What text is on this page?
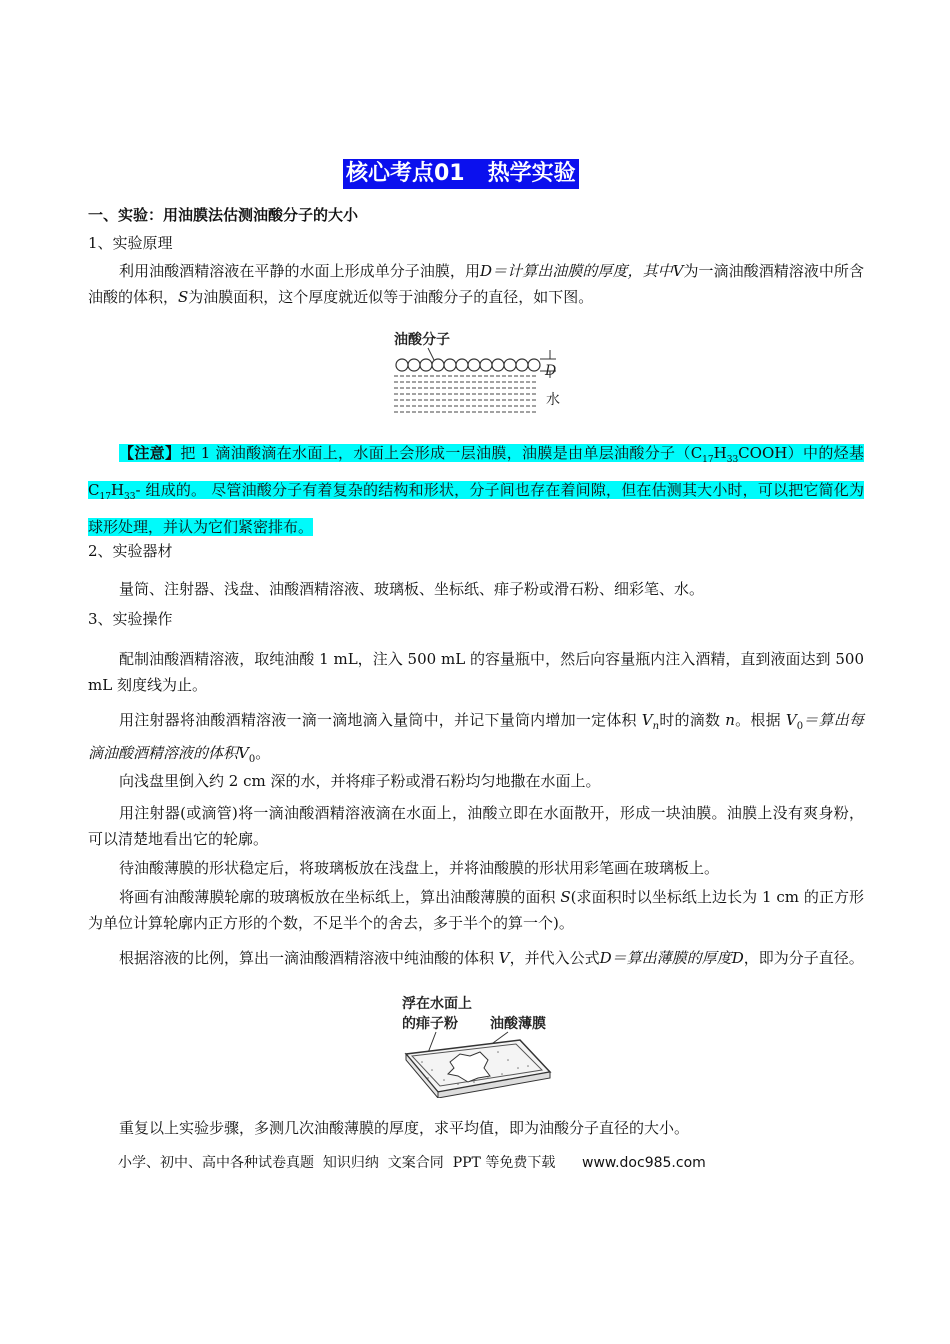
核心考点01   热学实验
一、实验：用油膜法估测油酸分子的大小
1、实验原理
利用油酸酒精溶液在平静的水面上形成单分子油膜，用D＝计算出油膜的厚度，其中V为一滴油酸酒精溶液中所含油酸的体积，S为油膜面积，这个厚度就近似等于油酸分子的直径，如下图。
油酸分子
D
水
【注意】把 1 滴油酸滴在水面上，水面上会形成一层油膜，油膜是由单层油酸分子$(C_{17}H_{33}COOH)$中的烃基 $C_{17}H_{33}-$ 组成的。 尽管油酸分子有着复杂的结构和形状，分子间也存在着间隙，但在估测其大小时，可以把它简化为球形处理，并认为它们紧密排布。
2、实验器材
量筒、注射器、浅盘、油酸酒精溶液、玻璃板、坐标纸、痱子粉或滑石粉、细彩笔、水。
3、实验操作
配制油酸酒精溶液，取纯油酸 1 mL，注入 500 mL 的容量瓶中，然后向容量瓶内注入酒精，直到液面达到 500 mL 刻度线为止。
用注射器将油酸酒精溶液一滴一滴地滴入量筒中，并记下量筒内增加一定体积 $V_n$时的滴数 n。根据 $V_0=$算出每滴油酸酒精溶液的体积$V_0$。
向浅盘里倒入约 2 cm 深的水，并将痱子粉或滑石粉均匀地撒在水面上。
用注射器(或滴管)将一滴油酸酒精溶液滴在水面上，油酸立即在水面散开，形成一块油膜。油膜上没有爽身粉，可以清楚地看出它的轮廓。
待油酸薄膜的形状稳定后，将玻璃板放在浅盘上，并将油酸膜的形状用彩笔画在玻璃板上。
将画有油酸薄膜轮廓的玻璃板放在坐标纸上，算出油酸薄膜的面积 S(求面积时以坐标纸上边长为 1 cm 的正方形为单位计算轮廓内正方形的个数，不足半个的舍去，多于半个的算一个)。
根据溶液的比例，算出一滴油酸酒精溶液中纯油酸的体积 V，并代入公式D＝算出薄膜的厚度D，即为分子直径。
浮在水面上
的痱子粉 油酸薄膜
重复以上实验步骤，多测几次油酸薄膜的厚度，求平均值，即为油酸分子直径的大小。
小学、初中、高中各种试卷真题  知识归纳  文案合同  PPT 等免费下载 www.doc985.com
